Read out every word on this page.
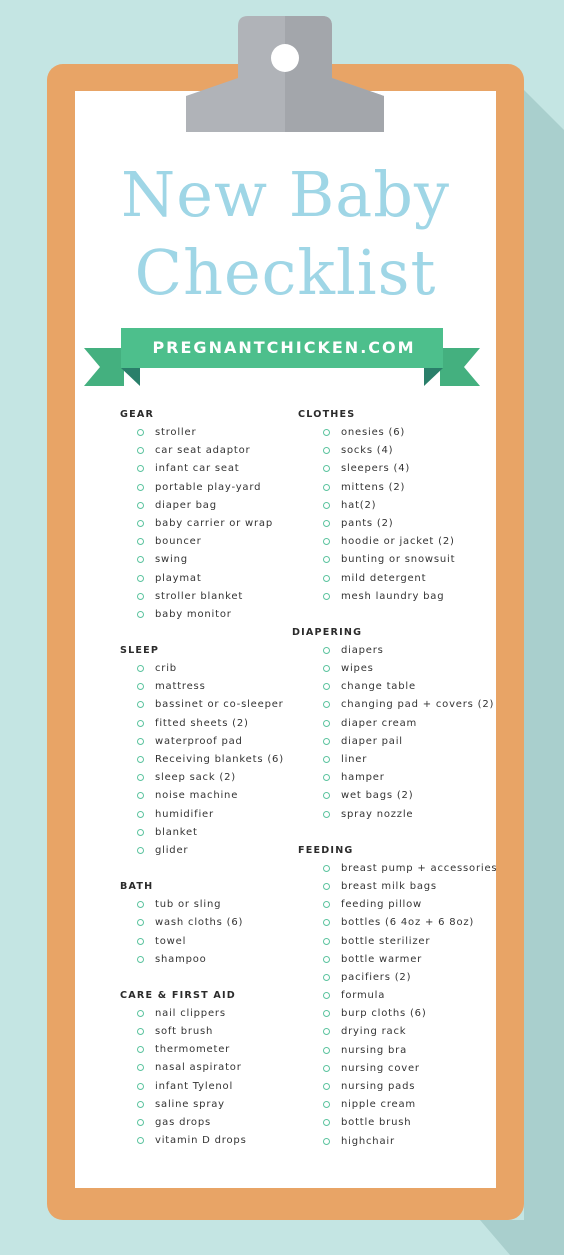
New Baby
Checklist
PREGNANTCHICKEN.COM
GEAR
stroller
car seat adaptor
infant car seat
portable play-yard
diaper bag
baby carrier or wrap
bouncer
swing
playmat
stroller blanket
baby monitor
SLEEP
crib
mattress
bassinet or co-sleeper
fitted sheets (2)
waterproof pad
Receiving blankets (6)
sleep sack (2)
noise machine
humidifier
blanket
glider
BATH
tub or sling
wash cloths (6)
towel
shampoo
CARE & FIRST AID
nail clippers
soft brush
thermometer
nasal aspirator
infant Tylenol
saline spray
gas drops
vitamin D drops
CLOTHES
onesies (6)
socks (4)
sleepers (4)
mittens (2)
hat(2)
pants (2)
hoodie or jacket (2)
bunting or snowsuit
mild detergent
mesh laundry bag
DIAPERING
diapers
wipes
change table
changing pad + covers (2)
diaper cream
diaper pail
liner
hamper
wet bags (2)
spray nozzle
FEEDING
breast pump + accessories
breast milk bags
feeding pillow
bottles (6 4oz + 6 8oz)
bottle sterilizer
bottle warmer
pacifiers (2)
formula
burp cloths (6)
drying rack
nursing bra
nursing cover
nursing pads
nipple cream
bottle brush
highchair
